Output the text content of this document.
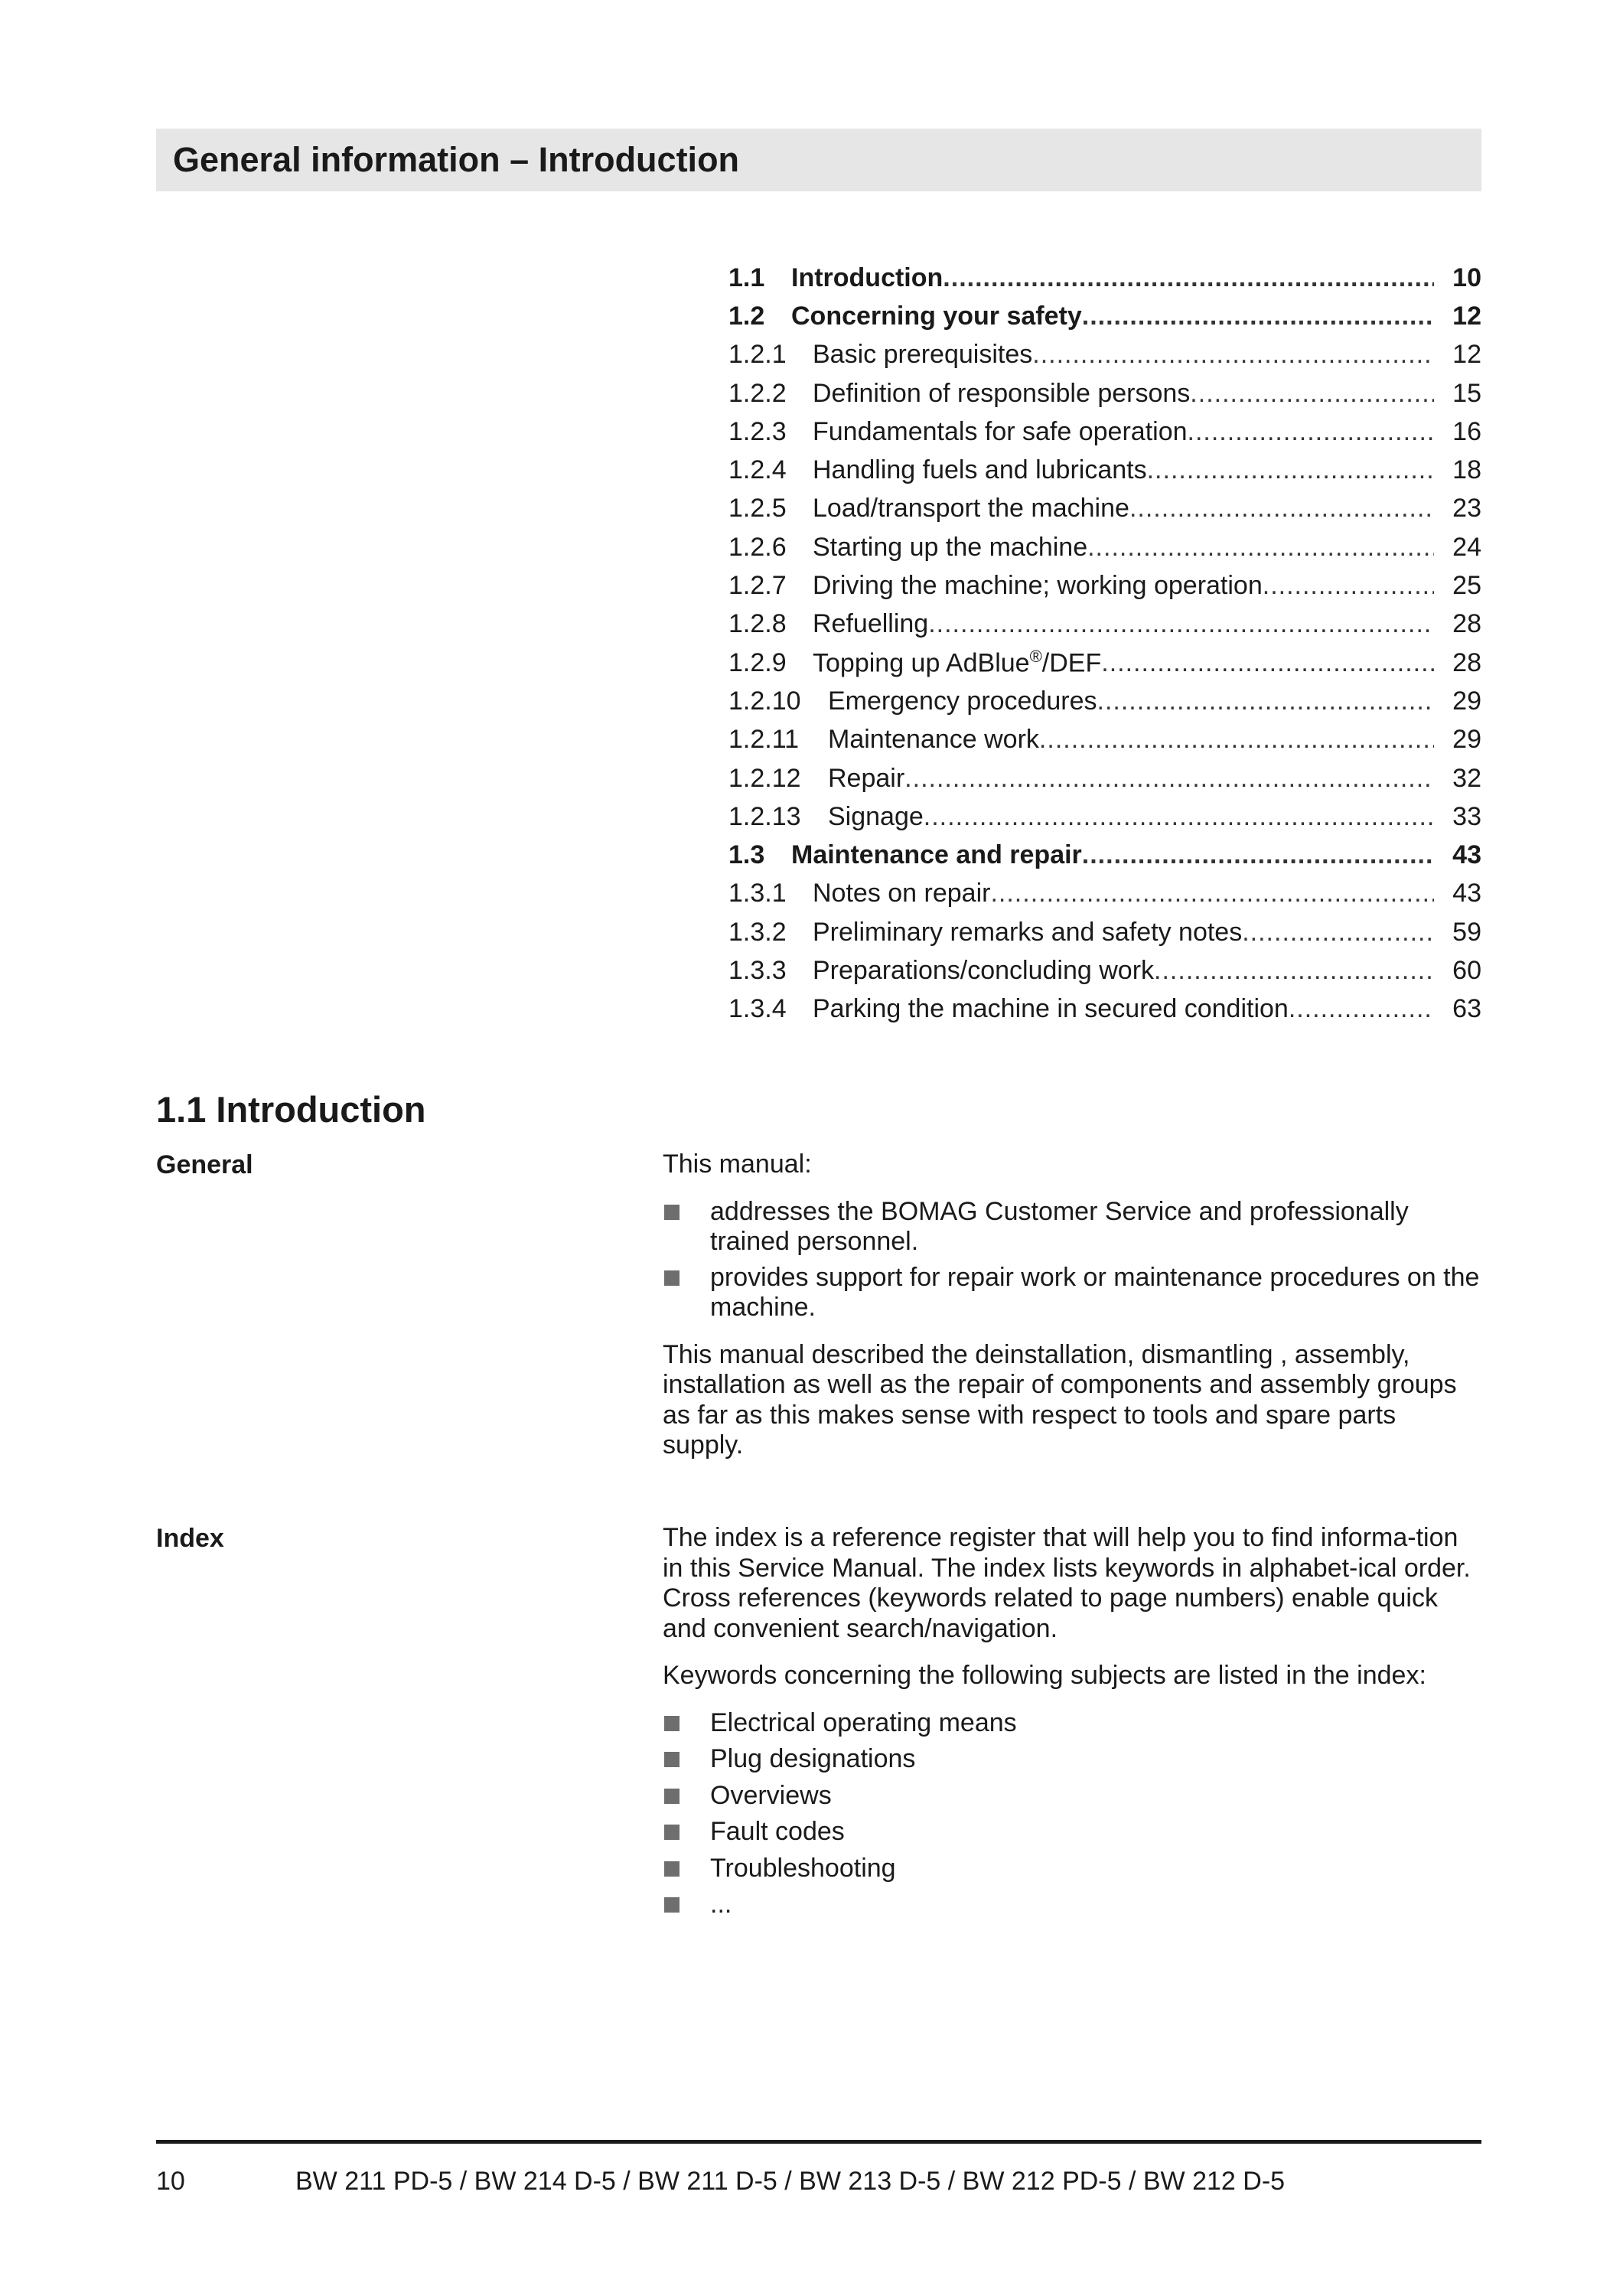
General information – Introduction
1.1	Introduction .....	10
1.2	Concerning your safety .....	12
1.2.1	Basic prerequisites .....	12
1.2.2	Definition of responsible persons .....	15
1.2.3	Fundamentals for safe operation .....	16
1.2.4	Handling fuels and lubricants .....	18
1.2.5	Load/transport the machine .....	23
1.2.6	Starting up the machine .....	24
1.2.7	Driving the machine; working operation .....	25
1.2.8	Refuelling .....	28
1.2.9	Topping up AdBlue®/DEF .....	28
1.2.10	Emergency procedures .....	29
1.2.11	Maintenance work .....	29
1.2.12	Repair .....	32
1.2.13	Signage .....	33
1.3	Maintenance and repair .....	43
1.3.1	Notes on repair .....	43
1.3.2	Preliminary remarks and safety notes .....	59
1.3.3	Preparations/concluding work .....	60
1.3.4	Parking the machine in secured condition .....	63
1.1 Introduction
General	This manual:

addresses the BOMAG Customer Service and professionally trained personnel.
provides support for repair work or maintenance procedures on the machine.

This manual described the deinstallation, dismantling , assembly, installation as well as the repair of components and assembly groups as far as this makes sense with respect to tools and spare parts supply.

Index	The index is a reference register that will help you to find informa-tion in this Service Manual. The index lists keywords in alphabet-ical order. Cross references (keywords related to page numbers) enable quick and convenient search/navigation.

Keywords concerning the following subjects are listed in the index:

Electrical operating means
Plug designations
Overviews
Fault codes
Troubleshooting
...
10	BW 211 PD-5 / BW 214 D-5 / BW 211 D-5 / BW 213 D-5 / BW 212 PD-5 / BW 212 D-5
